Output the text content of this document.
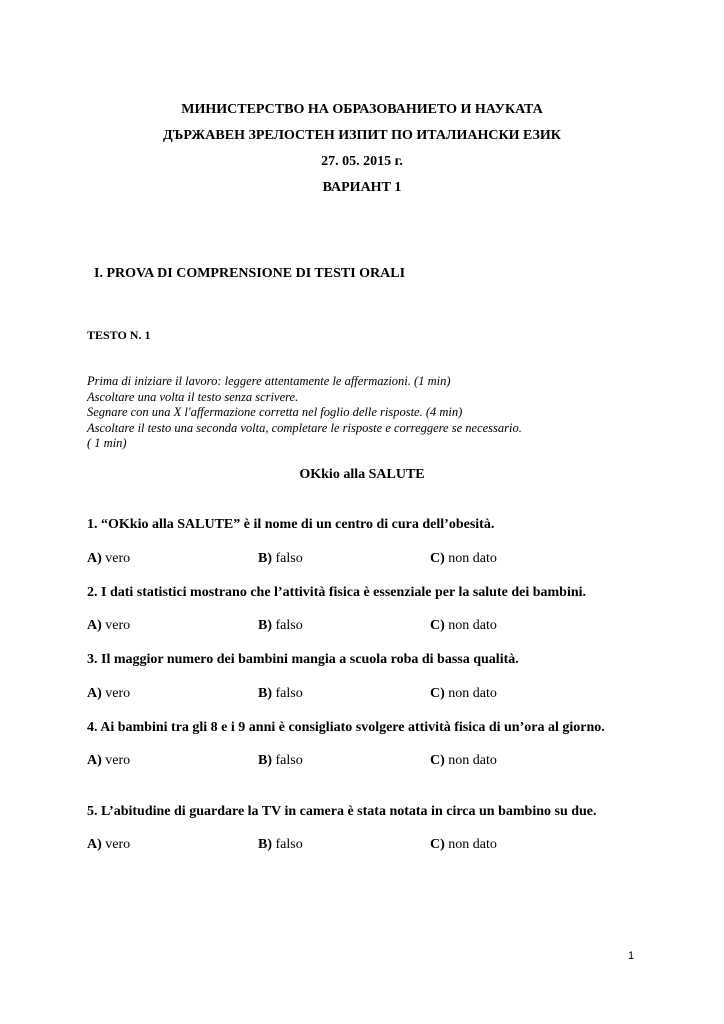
МИНИСТЕРСТВО НА ОБРАЗОВАНИЕТО И НАУКАТА
ДЪРЖАВЕН ЗРЕЛОСТЕН ИЗПИТ ПО ИТАЛИАНСКИ ЕЗИК
27. 05. 2015 г.
ВАРИАНТ 1
I. PROVA DI COMPRENSIONE DI TESTI ORALI
TESTO N. 1
Prima di iniziare il lavoro: leggere attentamente le affermazioni. (1 min)
Ascoltare una volta il testo senza scrivere.
Segnare con una X l'affermazione corretta nel foglio delle risposte. (4 min)
Ascoltare il testo una seconda volta, completare le risposte e correggere se necessario.
( 1 min)
OKkio alla SALUTE
1. “OKkio alla SALUTE” è il nome di un centro di cura dell’obesità.
A) vero	B) falso	C) non dato
2. I dati statistici mostrano che l’attività fisica è essenziale per la salute dei bambini.
A) vero	B) falso	C) non dato
3. Il maggior numero dei bambini mangia a scuola roba di bassa qualità.
A) vero	B) falso	C) non dato
4. Ai bambini tra gli 8 e i 9 anni è consigliato svolgere attività fisica di un’ora al giorno.
A) vero	B) falso	C) non dato
5. L’abitudine di guardare la TV in camera è stata notata in circa un bambino su due.
A) vero	B) falso	C) non dato
1
